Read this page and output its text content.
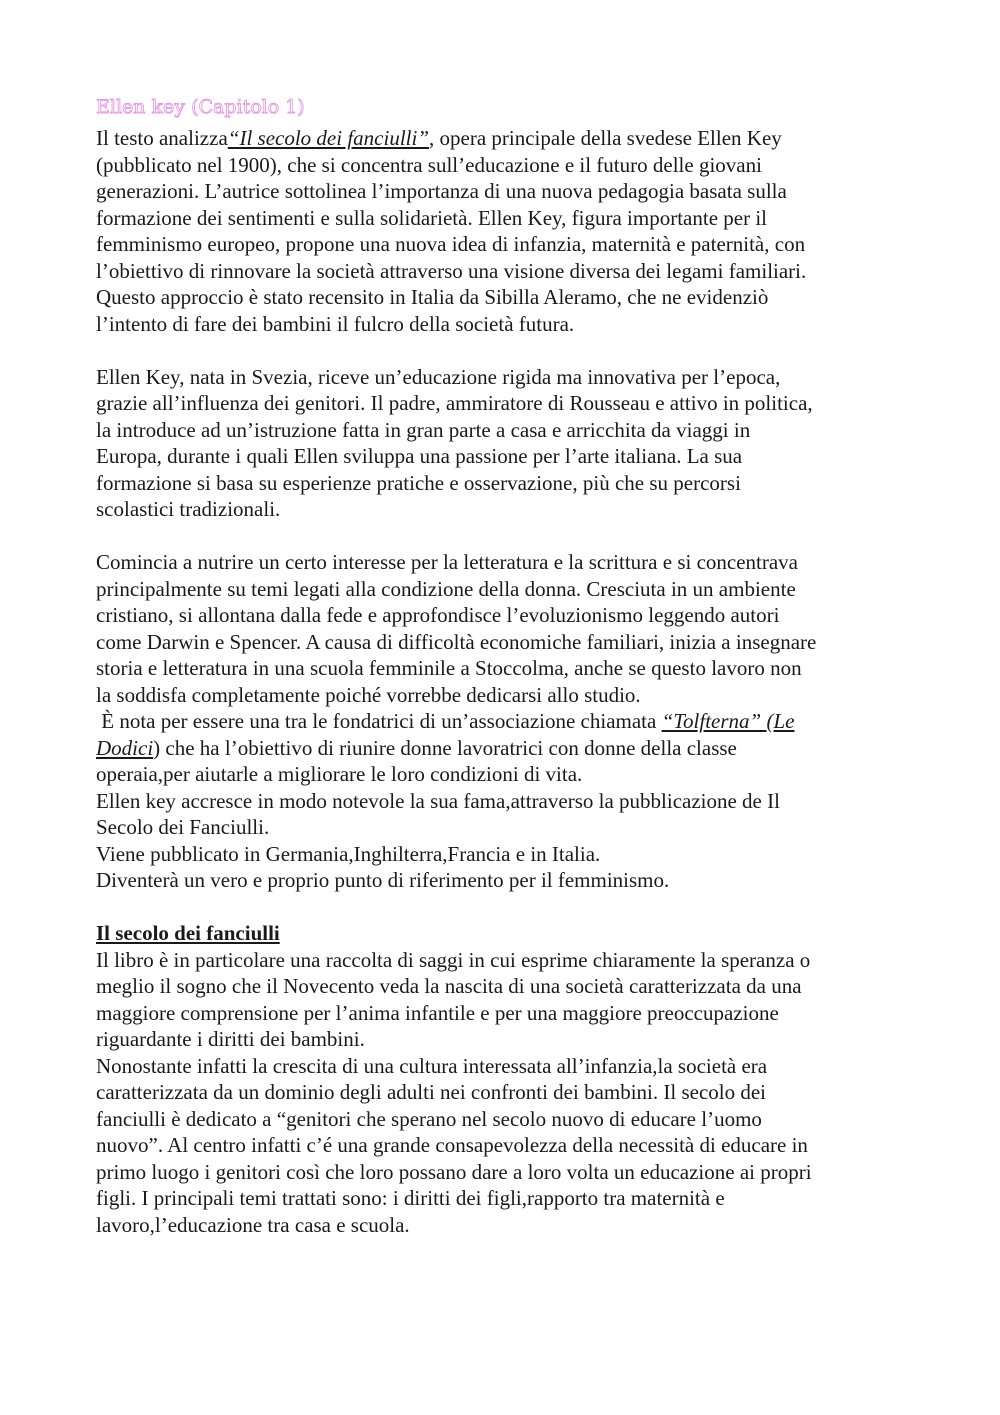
Ellen key (Capitolo 1)
Il testo analizza“Il secolo dei fanciulli”, opera principale della svedese Ellen Key
(pubblicato nel 1900), che si concentra sull’educazione e il futuro delle giovani
generazioni. L’autrice sottolinea l’importanza di una nuova pedagogia basata sulla
formazione dei sentimenti e sulla solidarietà. Ellen Key, figura importante per il
femminismo europeo, propone una nuova idea di infanzia, maternità e paternità, con
l’obiettivo di rinnovare la società attraverso una visione diversa dei legami familiari.
Questo approccio è stato recensito in Italia da Sibilla Aleramo, che ne evidenziò
l’intento di fare dei bambini il fulcro della società futura.
Ellen Key, nata in Svezia, riceve un’educazione rigida ma innovativa per l’epoca,
grazie all’influenza dei genitori. Il padre, ammiratore di Rousseau e attivo in politica,
la introduce ad un’istruzione fatta in gran parte a casa e arricchita da viaggi in
Europa, durante i quali Ellen sviluppa una passione per l’arte italiana. La sua
formazione si basa su esperienze pratiche e osservazione, più che su percorsi
scolastici tradizionali.
Comincia a nutrire un certo interesse per la letteratura e la scrittura e si concentrava
principalmente su temi legati alla condizione della donna. Cresciuta in un ambiente
cristiano, si allontana dalla fede e approfondisce l’evoluzionismo leggendo autori
come Darwin e Spencer. A causa di difficoltà economiche familiari, inizia a insegnare
storia e letteratura in una scuola femminile a Stoccolma, anche se questo lavoro non
la soddisfa completamente poiché vorrebbe dedicarsi allo studio.
È nota per essere una tra le fondatrici di un’associazione chiamata “Tolfterna” (Le
Dodici) che ha l’obiettivo di riunire donne lavoratrici con donne della classe
operaia,per aiutarle a migliorare le loro condizioni di vita.
Ellen key accresce in modo notevole la sua fama,attraverso la pubblicazione de Il
Secolo dei Fanciulli.
Viene pubblicato in Germania,Inghilterra,Francia e in Italia.
Diventerà un vero e proprio punto di riferimento per il femminismo.
Il secolo dei fanciulli
Il libro è in particolare una raccolta di saggi in cui esprime chiaramente la speranza o
meglio il sogno che il Novecento veda la nascita di una società caratterizzata da una
maggiore comprensione per l’anima infantile e per una maggiore preoccupazione
riguardante i diritti dei bambini.
Nonostante infatti la crescita di una cultura interessata all’infanzia,la società era
caratterizzata da un dominio degli adulti nei confronti dei bambini. Il secolo dei
fanciulli è dedicato a “genitori che sperano nel secolo nuovo di educare l’uomo
nuovo”. Al centro infatti c’é una grande consapevolezza della necessità di educare in
primo luogo i genitori così che loro possano dare a loro volta un educazione ai propri
figli. I principali temi trattati sono: i diritti dei figli,rapporto tra maternità e
lavoro,l’educazione tra casa e scuola.
